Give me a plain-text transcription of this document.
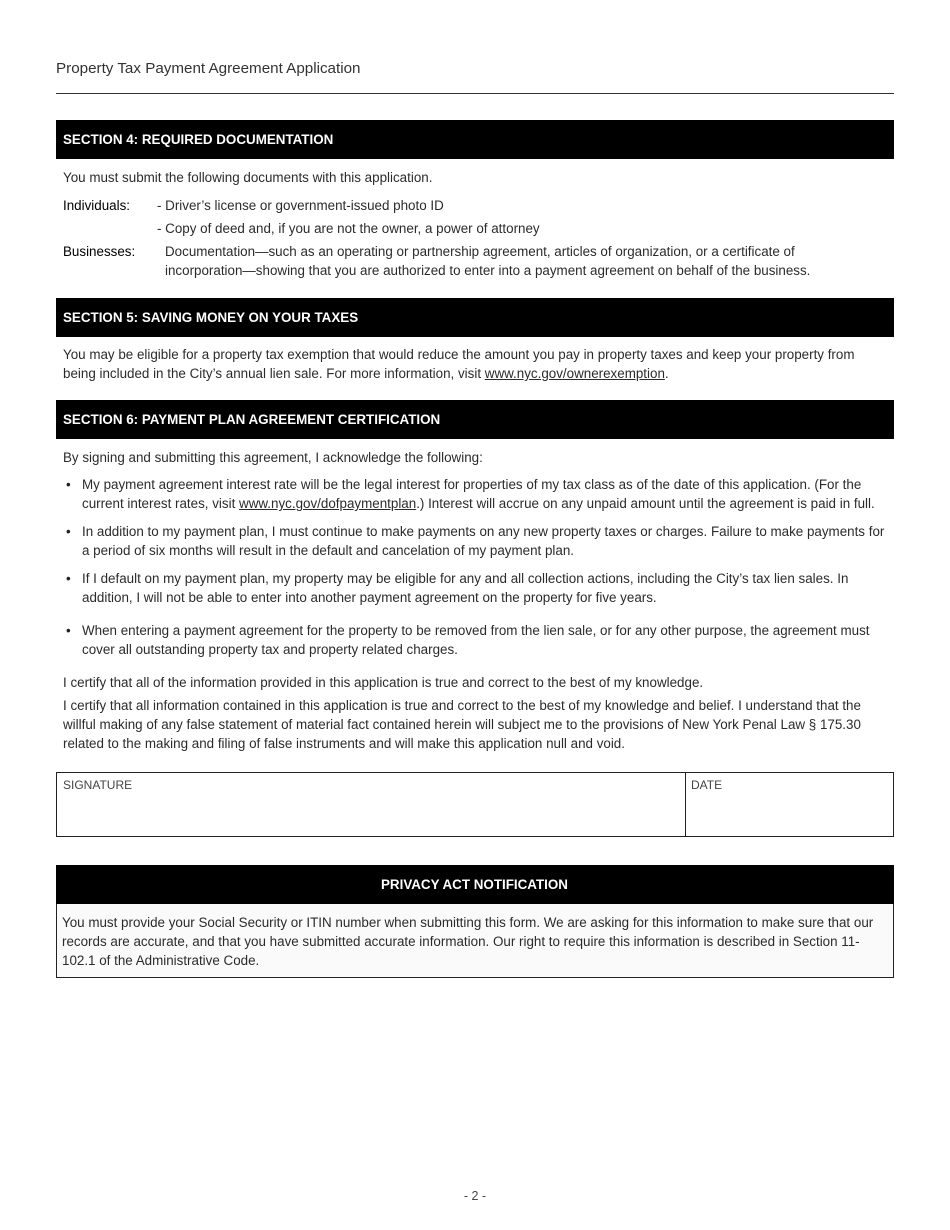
Property Tax Payment Agreement Application
SECTION 4: REQUIRED DOCUMENTATION
You must submit the following documents with this application.
Individuals: - Driver’s license or government-issued photo ID
- Copy of deed and, if you are not the owner, a power of attorney
Businesses: Documentation—such as an operating or partnership agreement, articles of organization, or a certificate of
incorporation—showing that you are authorized to enter into a payment agreement on behalf of the business.
SECTION 5: SAVING MONEY ON YOUR TAXES
You may be eligible for a property tax exemption that would reduce the amount you pay in property taxes and keep your property from being included in the City’s annual lien sale. For more information, visit www.nyc.gov/ownerexemption.
SECTION 6: PAYMENT PLAN AGREEMENT CERTIFICATION
By signing and submitting this agreement, I acknowledge the following:
• My payment agreement interest rate will be the legal interest for properties of my tax class as of the date of this application. (For the current interest rates, visit www.nyc.gov/dofpaymentplan.) Interest will accrue on any unpaid amount until the agreement is paid in full.
• In addition to my payment plan, I must continue to make payments on any new property taxes or charges. Failure to make payments for a period of six months will result in the default and cancelation of my payment plan.
• If I default on my payment plan, my property may be eligible for any and all collection actions, including the City’s tax lien sales. In addition, I will not be able to enter into another payment agreement on the property for five years.
• When entering a payment agreement for the property to be removed from the lien sale, or for any other purpose, the agreement must cover all outstanding property tax and property related charges.
I certify that all of the information provided in this application is true and correct to the best of my knowledge.
I certify that all information contained in this application is true and correct to the best of my knowledge and belief. I understand that the willful making of any false statement of material fact contained herein will subject me to the provisions of New York Penal Law § 175.30 related to the making and filing of false instruments and will make this application null and void.
SIGNATURE	DATE
PRIVACY ACT NOTIFICATION
You must provide your Social Security or ITIN number when submitting this form. We are asking for this information to make sure that our records are accurate, and that you have submitted accurate information. Our right to require this information is described in Section 11-102.1 of the Administrative Code.
- 2 -
